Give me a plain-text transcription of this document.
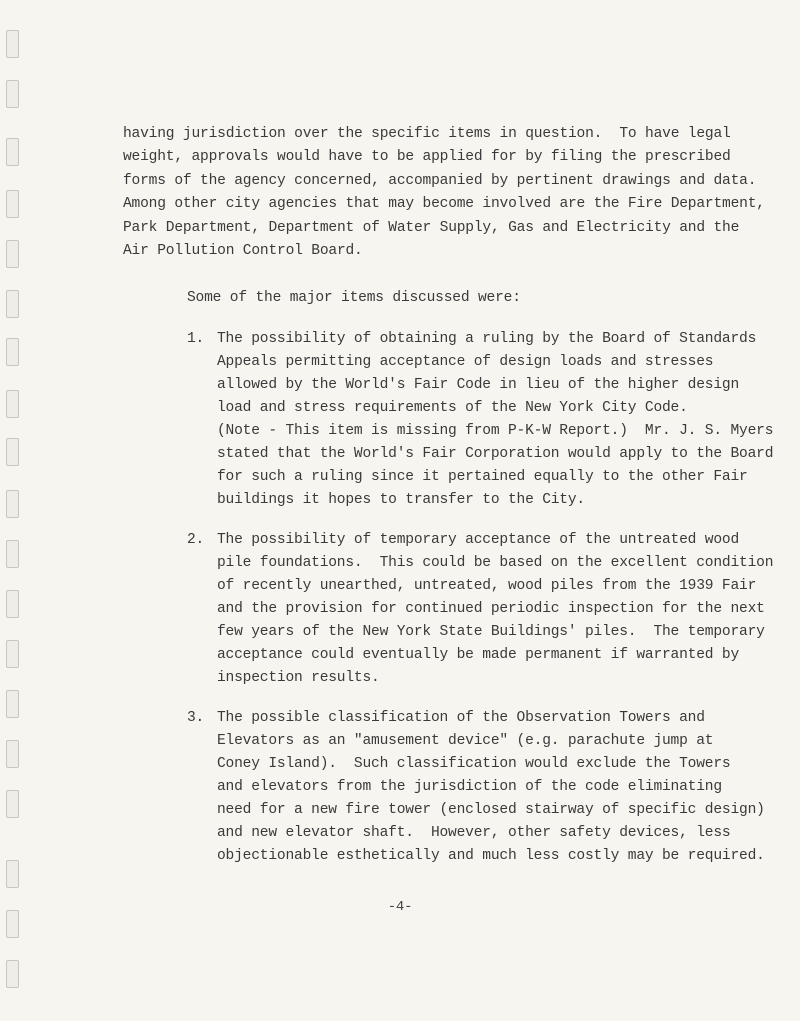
having jurisdiction over the specific items in question.  To have legal
weight, approvals would have to be applied for by filing the prescribed
forms of the agency concerned, accompanied by pertinent drawings and data.
Among other city agencies that may become involved are the Fire Department,
Park Department, Department of Water Supply, Gas and Electricity and the
Air Pollution Control Board.
Some of the major items discussed were:
1. The possibility of obtaining a ruling by the Board of Standards
Appeals permitting acceptance of design loads and stresses
allowed by the World's Fair Code in lieu of the higher design
load and stress requirements of the New York City Code.
(Note - This item is missing from P-K-W Report.)  Mr. J. S. Myers
stated that the World's Fair Corporation would apply to the Board
for such a ruling since it pertained equally to the other Fair
buildings it hopes to transfer to the City.
2. The possibility of temporary acceptance of the untreated wood
pile foundations.  This could be based on the excellent condition
of recently unearthed, untreated, wood piles from the 1939 Fair
and the provision for continued periodic inspection for the next
few years of the New York State Buildings' piles.  The temporary
acceptance could eventually be made permanent if warranted by
inspection results.
3. The possible classification of the Observation Towers and
Elevators as an "amusement device" (e.g. parachute jump at
Coney Island).  Such classification would exclude the Towers
and elevators from the jurisdiction of the code eliminating
need for a new fire tower (enclosed stairway of specific design)
and new elevator shaft.  However, other safety devices, less
objectionable esthetically and much less costly may be required.
-4-
